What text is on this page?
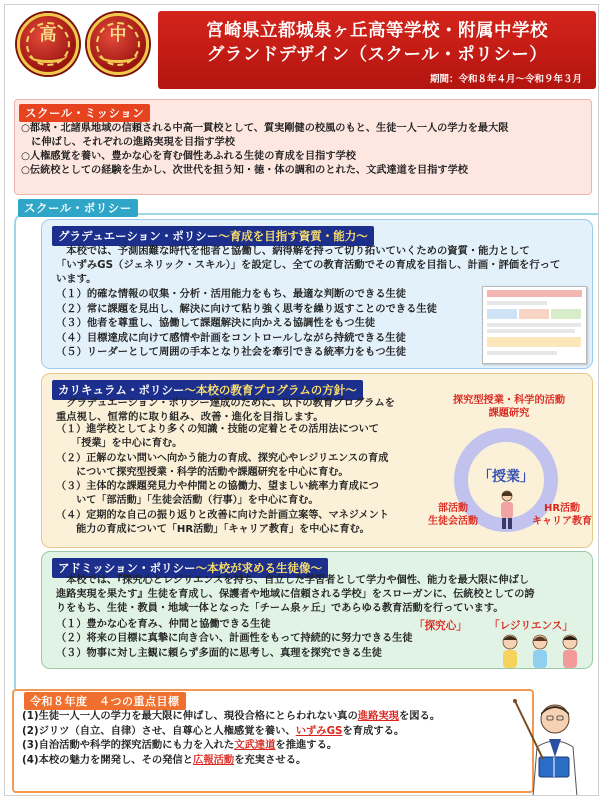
高	中	宮崎県立都城泉ヶ丘高等学校・附属中学校
グランドデザイン（スクール・ポリシー）
期間：令和８年４月～令和９年３月
スクール・ミッション
○都城・北諸県地域の信頼される中高一貫校として、質実剛健の校風のもと、生徒一人一人の学力を最大限
　に伸ばし、それぞれの進路実現を目指す学校
○人権感覚を養い、豊かな心を育む個性あふれる生徒の育成を目指す学校
○伝統校としての経験を生かし、次世代を担う知・徳・体の調和のとれた、文武達道を目指す学校
スクール・ポリシー
グラデュエーション・ポリシー～育成を目指す資質・能力～
　本校では、予測困難な時代を他者と協働し、納得解を持って切り拓いていくための資質・能力として
「いずみGS（ジェネリック・スキル）」を設定し、全ての教育活動でその育成を目指し、計画・評価を行って
います。
（１）的確な情報の収集・分析・活用能力をもち、最適な判断のできる生徒
（２）常に課題を見出し、解決に向けて粘り強く思考を繰り返すことのできる生徒
（３）他者を尊重し、協働して課題解決に向かえる協調性をもつ生徒
（４）目標達成に向けて感情や計画をコントロールしながら持続できる生徒
（５）リーダーとして周囲の手本となり社会を牽引できる統率力をもつ生徒
カリキュラム・ポリシー～本校の教育プログラムの方針～
　グラデュエーション・ポリシー達成のために、以下の教育プログラムを
重点視し、恒常的に取り組み、改善・進化を目指します。
（１）進学校としてより多くの知識・技能の定着とその活用法について
　　「授業」を中心に育む。
（２）正解のない問いへ向かう能力の育成、探究心やレジリエンスの育成
　　について探究型授業・科学的活動や課題研究を中心に育む。
（３）主体的な課題発見力や仲間との協働力、望ましい統率力育成につ
　　いて「部活動」「生徒会活動（行事）」を中心に育む。
（４）定期的な自己の振り返りと改善に向けた計画立案等、マネジメント
　　能力の育成について「HR活動」「キャリア教育」を中心に育む。
探究型授業・科学的活動
課題研究
「授業」
部活動
生徒会活動
HR活動
キャリア教育
アドミッション・ポリシー～本校が求める生徒像～
　本校では、『探究心とレジリエンスを持ち、自立した学習者として学力や個性、能力を最大限に伸ばし
進路実現を果たす』生徒を育成し、保護者や地域に信頼される学校」をスローガンに、伝統校としての誇
りをもち、生徒・教員・地域一体となった「チーム泉ヶ丘」であらゆる教育活動を行っています。
（１）豊かな心を育み、仲間と協働できる生徒
（２）将来の目標に真摯に向き合い、計画性をもって持続的に努力できる生徒
（３）物事に対し主観に頼らず多面的に思考し、真理を探究できる生徒
「探究心」 「レジリエンス」
令和８年度　４つの重点目標
(1)生徒一人一人の学力を最大限に伸ばし、現役合格にとらわれない真の進路実現を図る。
(2)ジリツ（自立、自律）させ、自尊心と人権感覚を養い、いずみGSを育成する。
(3)自治活動や科学的探究活動にも力を入れた文武達道を推進する。
(4)本校の魅力を開発し、その発信と広報活動を充実させる。
